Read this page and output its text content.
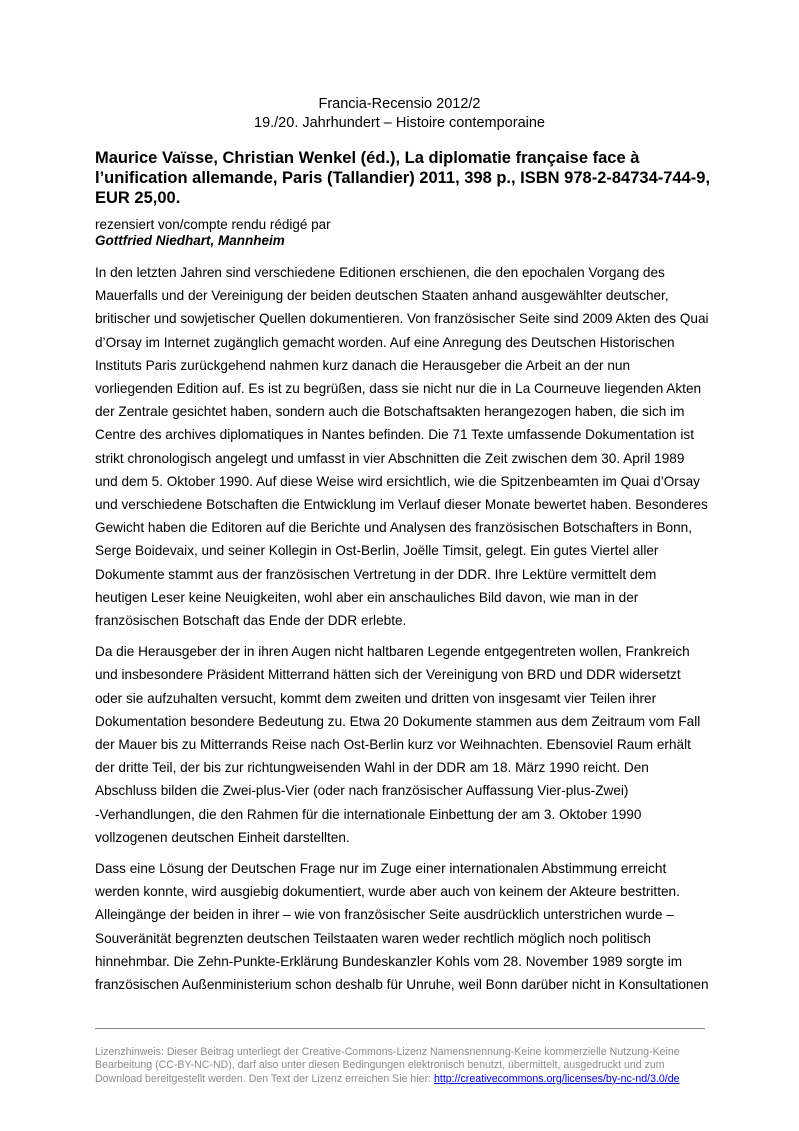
Francia-Recensio 2012/2
19./20. Jahrhundert – Histoire contemporaine
Maurice Vaïsse, Christian Wenkel (éd.), La diplomatie française face à
l’unification allemande, Paris (Tallandier) 2011, 398 p., ISBN 978-2-84734-744-9,
EUR 25,00.
rezensiert von/compte rendu rédigé par
Gottfried Niedhart, Mannheim

In den letzten Jahren sind verschiedene Editionen erschienen, die den epochalen Vorgang des
Mauerfalls und der Vereinigung der beiden deutschen Staaten anhand ausgewählter deutscher,
britischer und sowjetischer Quellen dokumentieren. Von französischer Seite sind 2009 Akten des Quai
d’Orsay im Internet zugänglich gemacht worden. Auf eine Anregung des Deutschen Historischen
Instituts Paris zurückgehend nahmen kurz danach die Herausgeber die Arbeit an der nun
vorliegenden Edition auf. Es ist zu begrüßen, dass sie nicht nur die in La Courneuve liegenden Akten
der Zentrale gesichtet haben, sondern auch die Botschaftsakten herangezogen haben, die sich im
Centre des archives diplomatiques in Nantes befinden. Die 71 Texte umfassende Dokumentation ist
strikt chronologisch angelegt und umfasst in vier Abschnitten die Zeit zwischen dem 30. April 1989
und dem 5. Oktober 1990. Auf diese Weise wird ersichtlich, wie die Spitzenbeamten im Quai d’Orsay
und verschiedene Botschaften die Entwicklung im Verlauf dieser Monate bewertet haben. Besonderes
Gewicht haben die Editoren auf die Berichte und Analysen des französischen Botschafters in Bonn,
Serge Boidevaix, und seiner Kollegin in Ost-Berlin, Joëlle Timsit, gelegt. Ein gutes Viertel aller
Dokumente stammt aus der französischen Vertretung in der DDR. Ihre Lektüre vermittelt dem
heutigen Leser keine Neuigkeiten, wohl aber ein anschauliches Bild davon, wie man in der
französischen Botschaft das Ende der DDR erlebte.

Da die Herausgeber der in ihren Augen nicht haltbaren Legende entgegentreten wollen, Frankreich
und insbesondere Präsident Mitterrand hätten sich der Vereinigung von BRD und DDR widersetzt
oder sie aufzuhalten versucht, kommt dem zweiten und dritten von insgesamt vier Teilen ihrer
Dokumentation besondere Bedeutung zu. Etwa 20 Dokumente stammen aus dem Zeitraum vom Fall
der Mauer bis zu Mitterrands Reise nach Ost-Berlin kurz vor Weihnachten. Ebensoviel Raum erhält
der dritte Teil, der bis zur richtungweisenden Wahl in der DDR am 18. März 1990 reicht. Den
Abschluss bilden die Zwei-plus-Vier (oder nach französischer Auffassung Vier-plus-Zwei)
-Verhandlungen, die den Rahmen für die internationale Einbettung der am 3. Oktober 1990
vollzogenen deutschen Einheit darstellten.

Dass eine Lösung der Deutschen Frage nur im Zuge einer internationalen Abstimmung erreicht
werden konnte, wird ausgiebig dokumentiert, wurde aber auch von keinem der Akteure bestritten.
Alleingänge der beiden in ihrer – wie von französischer Seite ausdrücklich unterstrichen wurde –
Souveränität begrenzten deutschen Teilstaaten waren weder rechtlich möglich noch politisch
hinnehmbar. Die Zehn-Punkte-Erklärung Bundeskanzler Kohls vom 28. November 1989 sorgte im
französischen Außenministerium schon deshalb für Unruhe, weil Bonn darüber nicht in Konsultationen

Lizenzhinweis: Dieser Beitrag unterliegt der Creative-Commons-Lizenz Namensnennung-Keine kommerzielle Nutzung-Keine
Bearbeitung (CC-BY-NC-ND), darf also unter diesen Bedingungen elektronisch benutzt, übermittelt, ausgedruckt und zum
Download bereitgestellt werden. Den Text der Lizenz erreichen Sie hier: http://creativecommons.org/licenses/by-nc-nd/3.0/de
